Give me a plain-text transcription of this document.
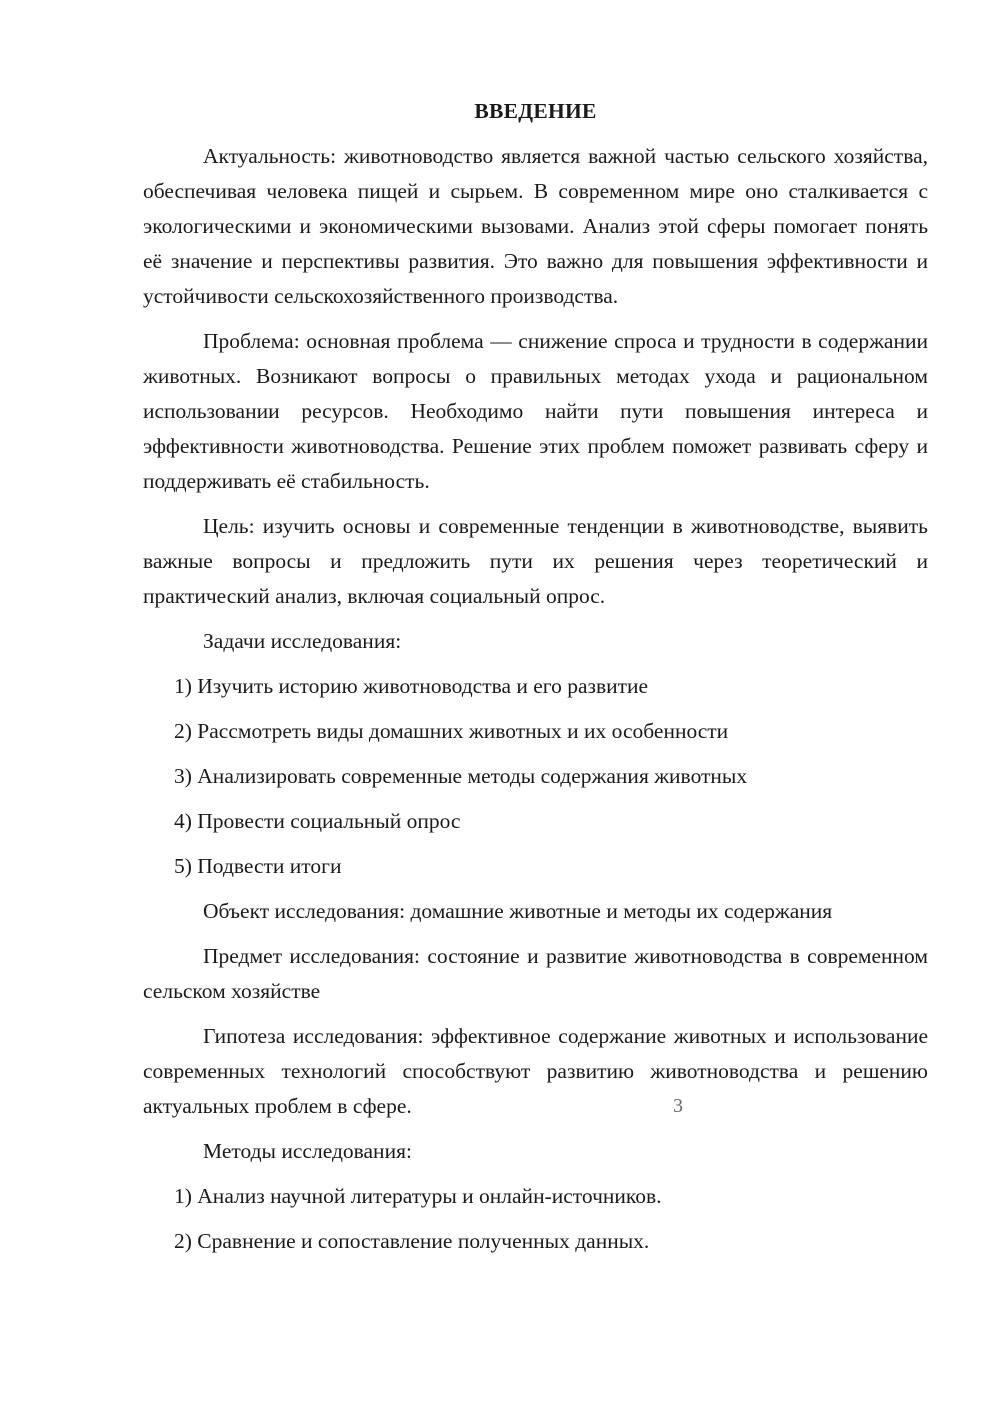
ВВЕДЕНИЕ

Актуальность: животноводство является важной частью сельского хозяйства, обеспечивая человека пищей и сырьем. В современном мире оно сталкивается с экологическими и экономическими вызовами. Анализ этой сферы помогает понять её значение и перспективы развития. Это важно для повышения эффективности и устойчивости сельскохозяйственного производства.

Проблема: основная проблема — снижение спроса и трудности в содержании животных. Возникают вопросы о правильных методах ухода и рациональном использовании ресурсов. Необходимо найти пути повышения интереса и эффективности животноводства. Решение этих проблем поможет развивать сферу и поддерживать её стабильность.

Цель: изучить основы и современные тенденции в животноводстве, выявить важные вопросы и предложить пути их решения через теоретический и практический анализ, включая социальный опрос.

Задачи исследования:

1) Изучить историю животноводства и его развитие
2) Рассмотреть виды домашних животных и их особенности
3) Анализировать современные методы содержания животных
4) Провести социальный опрос
5) Подвести итоги

Объект исследования: домашние животные и методы их содержания

Предмет исследования: состояние и развитие животноводства в современном сельском хозяйстве

Гипотеза исследования: эффективное содержание животных и использование современных технологий способствуют развитию животноводства и решению актуальных проблем в сфере.

Методы исследования:

1) Анализ научной литературы и онлайн-источников.
2) Сравнение и сопоставление полученных данных.
3
